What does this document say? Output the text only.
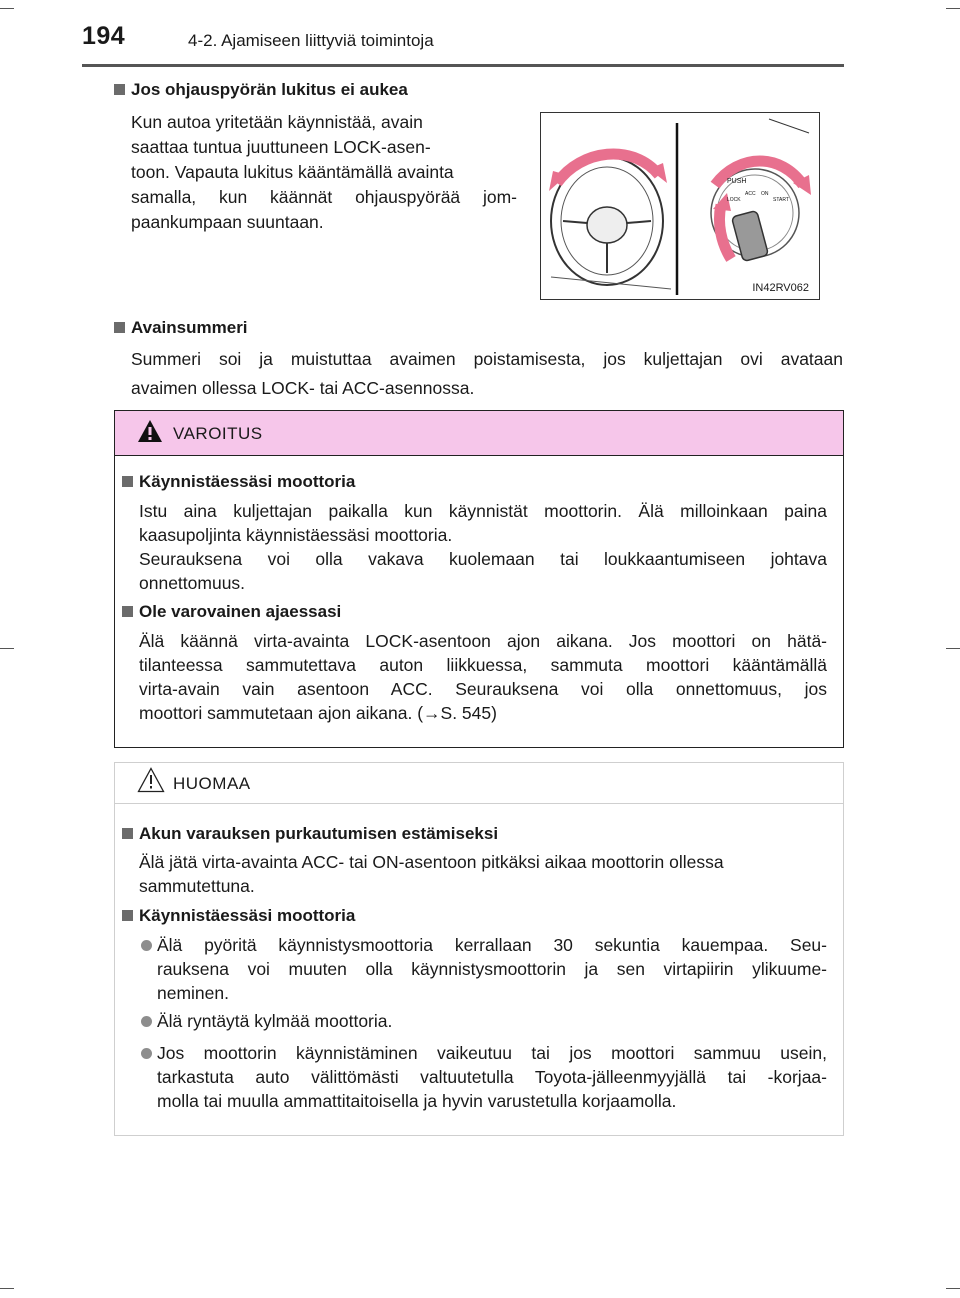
194	4-2. Ajamiseen liittyviä toimintoja
Jos ohjauspyörän lukitus ei aukea
Kun autoa yritetään käynnistää, avain
saattaa tuntua juuttuneen LOCK-asen-
toon. Vapauta lukitus kääntämällä avainta
samalla, kun käännät ohjauspyörää jom-
paankumpaan suuntaan.
PUSH
LOCK
ACC ON
START
IN42RV062
Avainsummeri
Summeri soi ja muistuttaa avaimen poistamisesta, jos kuljettajan ovi avataan
avaimen ollessa LOCK- tai ACC-asennossa.
VAROITUS
Käynnistäessäsi moottoria
Istu aina kuljettajan paikalla kun käynnistät moottorin. Älä milloinkaan paina
kaasupoljinta käynnistäessäsi moottoria.
Seurauksena voi olla vakava kuolemaan tai loukkaantumiseen johtava
onnettomuus.
Ole varovainen ajaessasi
Älä käännä virta-avainta LOCK-asentoon ajon aikana. Jos moottori on hätä-
tilanteessa sammutettava auton liikkuessa, sammuta moottori kääntämällä
virta-avain vain asentoon ACC. Seurauksena voi olla onnettomuus, jos
moottori sammutetaan ajon aikana. (→S. 545)
HUOMAA
Akun varauksen purkautumisen estämiseksi
Älä jätä virta-avainta ACC- tai ON-asentoon pitkäksi aikaa moottorin ollessa
sammutettuna.
Käynnistäessäsi moottoria
Älä pyöritä käynnistysmoottoria kerrallaan 30 sekuntia kauempaa. Seu-
rauksena voi muuten olla käynnistysmoottorin ja sen virtapiirin ylikuume-
neminen.
Älä ryntäytä kylmää moottoria.
Jos moottorin käynnistäminen vaikeutuu tai jos moottori sammuu usein,
tarkastuta auto välittömästi valtuutetulla Toyota-jälleenmyyjällä tai -korjaa-
molla tai muulla ammattitaitoisella ja hyvin varustetulla korjaamolla.
